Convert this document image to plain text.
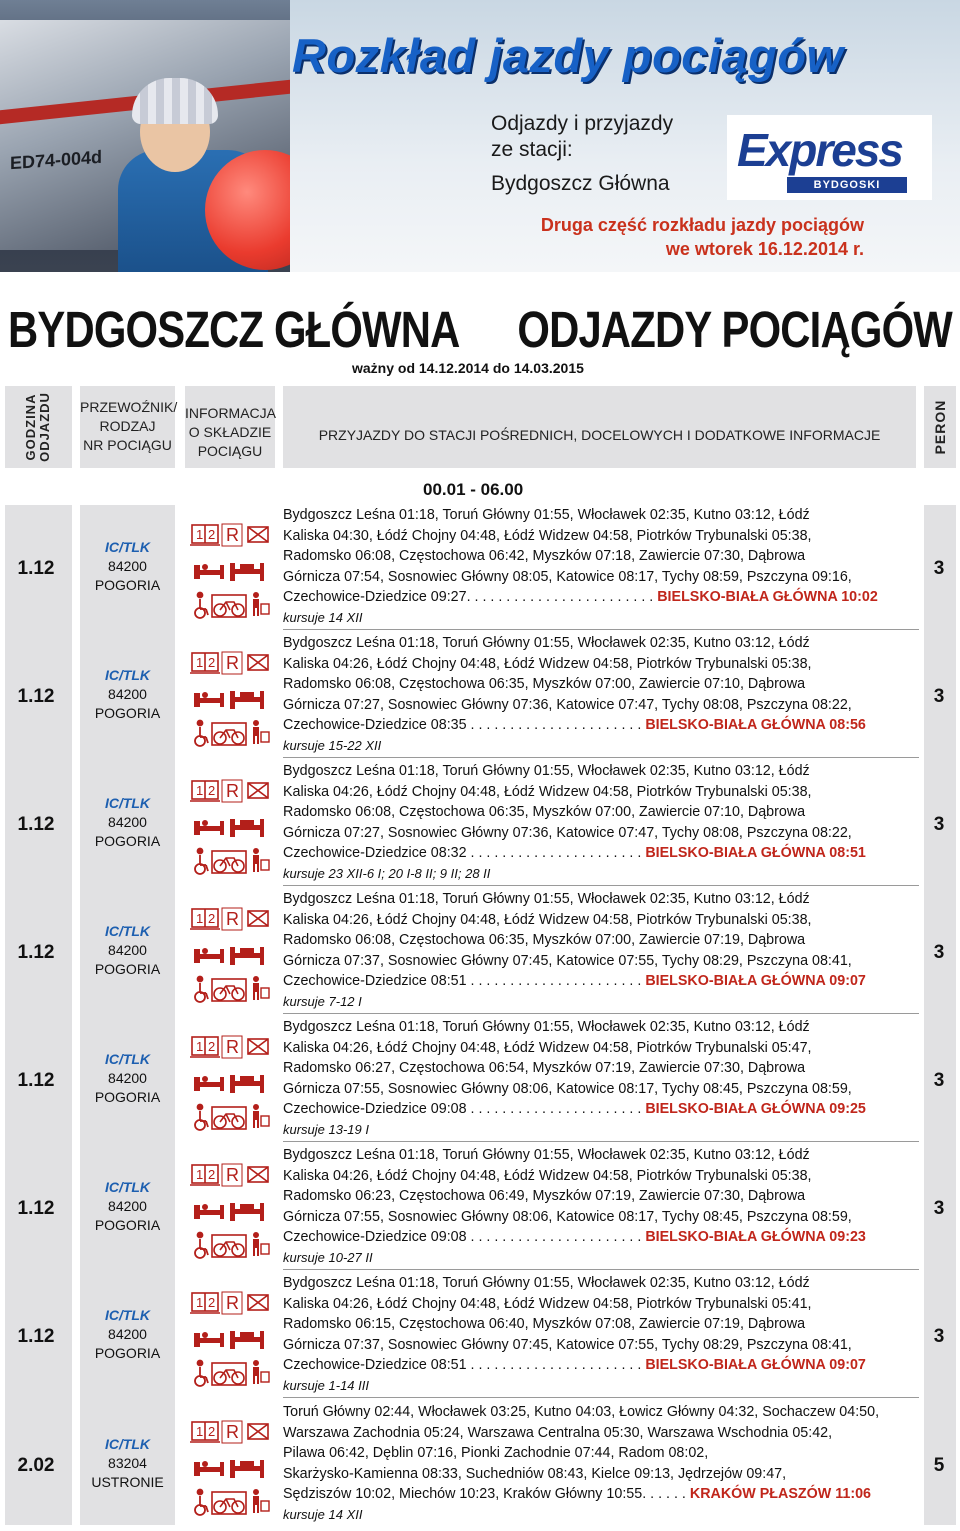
ED74-004d
Rozkład jazdy pociągów
Odjazdy i przyjazdy
ze stacji:
Bydgoszcz Główna
Express
BYDGOSKI
Druga część rozkładu jazdy pociągów
we wtorek 16.12.2014 r.
BYDGOSZCZ GŁÓWNA ODJAZDY POCIĄGÓW
ważny od 14.12.2014 do 14.03.2015
GODZINA ODJAZDU PRZEWOŹNIK/
RODZAJ
NR POCIĄGU
INFORMACJA
O SKŁADZIE
POCIĄGU
PRZYJAZDY DO STACJI POŚREDNICH, DOCELOWYCH I DODATKOWE INFORMACJE	PERON
00.01 - 06.00
1.12
IC/TLK
84200
POGORIA
1 2 R
Bydgoszcz Leśna 01:18, Toruń Główny 01:55, Włocławek 02:35, Kutno 03:12, Łódź
Kaliska 04:30, Łódź Chojny 04:48, Łódź Widzew 04:58, Piotrków Trybunalski 05:38,
Radomsko 06:08, Częstochowa 06:42, Myszków 07:18, Zawiercie 07:30, Dąbrowa
Górnicza 07:54, Sosnowiec Główny 08:05, Katowice 08:17, Tychy 08:59, Pszczyna 09:16,
Czechowice-Dziedzice 09:27. . . . . . . . . . . . . . . . . . . . . . . . BIELSKO-BIAŁA GŁÓWNA 10:02
kursuje 14 XII
3
1.12
IC/TLK
84200
POGORIA
1 2 R
Bydgoszcz Leśna 01:18, Toruń Główny 01:55, Włocławek 02:35, Kutno 03:12, Łódź
Kaliska 04:26, Łódź Chojny 04:48, Łódź Widzew 04:58, Piotrków Trybunalski 05:38,
Radomsko 06:08, Częstochowa 06:35, Myszków 07:00, Zawiercie 07:10, Dąbrowa
Górnicza 07:27, Sosnowiec Główny 07:36, Katowice 07:47, Tychy 08:08, Pszczyna 08:22,
Czechowice-Dziedzice 08:35 . . . . . . . . . . . . . . . . . . . . . . BIELSKO-BIAŁA GŁÓWNA 08:56
kursuje 15-22 XII
3
1.12
IC/TLK
84200
POGORIA
1 2 R
Bydgoszcz Leśna 01:18, Toruń Główny 01:55, Włocławek 02:35, Kutno 03:12, Łódź
Kaliska 04:26, Łódź Chojny 04:48, Łódź Widzew 04:58, Piotrków Trybunalski 05:38,
Radomsko 06:08, Częstochowa 06:35, Myszków 07:00, Zawiercie 07:10, Dąbrowa
Górnicza 07:27, Sosnowiec Główny 07:36, Katowice 07:47, Tychy 08:08, Pszczyna 08:22,
Czechowice-Dziedzice 08:32 . . . . . . . . . . . . . . . . . . . . . . BIELSKO-BIAŁA GŁÓWNA 08:51
kursuje 23 XII-6 I; 20 I-8 II; 9 II; 28 II
3
1.12
IC/TLK
84200
POGORIA
1 2 R
Bydgoszcz Leśna 01:18, Toruń Główny 01:55, Włocławek 02:35, Kutno 03:12, Łódź
Kaliska 04:26, Łódź Chojny 04:48, Łódź Widzew 04:58, Piotrków Trybunalski 05:38,
Radomsko 06:08, Częstochowa 06:35, Myszków 07:00, Zawiercie 07:19, Dąbrowa
Górnicza 07:37, Sosnowiec Główny 07:45, Katowice 07:55, Tychy 08:29, Pszczyna 08:41,
Czechowice-Dziedzice 08:51 . . . . . . . . . . . . . . . . . . . . . . BIELSKO-BIAŁA GŁÓWNA 09:07
kursuje 7-12 I
3
1.12
IC/TLK
84200
POGORIA
1 2 R
Bydgoszcz Leśna 01:18, Toruń Główny 01:55, Włocławek 02:35, Kutno 03:12, Łódź
Kaliska 04:26, Łódź Chojny 04:48, Łódź Widzew 04:58, Piotrków Trybunalski 05:47,
Radomsko 06:27, Częstochowa 06:54, Myszków 07:19, Zawiercie 07:30, Dąbrowa
Górnicza 07:55, Sosnowiec Główny 08:06, Katowice 08:17, Tychy 08:45, Pszczyna 08:59,
Czechowice-Dziedzice 09:08 . . . . . . . . . . . . . . . . . . . . . . BIELSKO-BIAŁA GŁÓWNA 09:25
kursuje 13-19 I
3
1.12
IC/TLK
84200
POGORIA
1 2 R
Bydgoszcz Leśna 01:18, Toruń Główny 01:55, Włocławek 02:35, Kutno 03:12, Łódź
Kaliska 04:26, Łódź Chojny 04:48, Łódź Widzew 04:58, Piotrków Trybunalski 05:38,
Radomsko 06:23, Częstochowa 06:49, Myszków 07:19, Zawiercie 07:30, Dąbrowa
Górnicza 07:55, Sosnowiec Główny 08:06, Katowice 08:17, Tychy 08:45, Pszczyna 08:59,
Czechowice-Dziedzice 09:08 . . . . . . . . . . . . . . . . . . . . . . BIELSKO-BIAŁA GŁÓWNA 09:23
kursuje 10-27 II
3
1.12
IC/TLK
84200
POGORIA
1 2 R
Bydgoszcz Leśna 01:18, Toruń Główny 01:55, Włocławek 02:35, Kutno 03:12, Łódź
Kaliska 04:26, Łódź Chojny 04:48, Łódź Widzew 04:58, Piotrków Trybunalski 05:41,
Radomsko 06:15, Częstochowa 06:40, Myszków 07:08, Zawiercie 07:19, Dąbrowa
Górnicza 07:37, Sosnowiec Główny 07:45, Katowice 07:55, Tychy 08:29, Pszczyna 08:41,
Czechowice-Dziedzice 08:51 . . . . . . . . . . . . . . . . . . . . . . BIELSKO-BIAŁA GŁÓWNA 09:07
kursuje 1-14 III
3
2.02
IC/TLK
83204
USTRONIE
1 2 R
Toruń Główny 02:44, Włocławek 03:25, Kutno 04:03, Łowicz Główny 04:32, Sochaczew 04:50,
Warszawa Zachodnia 05:24, Warszawa Centralna 05:30, Warszawa Wschodnia 05:42,
Pilawa 06:42, Dęblin 07:16, Pionki Zachodnie 07:44, Radom 08:02,
Skarżysko-Kamienna 08:33, Suchedniów 08:43, Kielce 09:13, Jędrzejów 09:47,
Sędziszów 10:02, Miechów 10:23, Kraków Główny 10:55. . . . . . KRAKÓW PŁASZÓW 11:06
kursuje 14 XII
5
